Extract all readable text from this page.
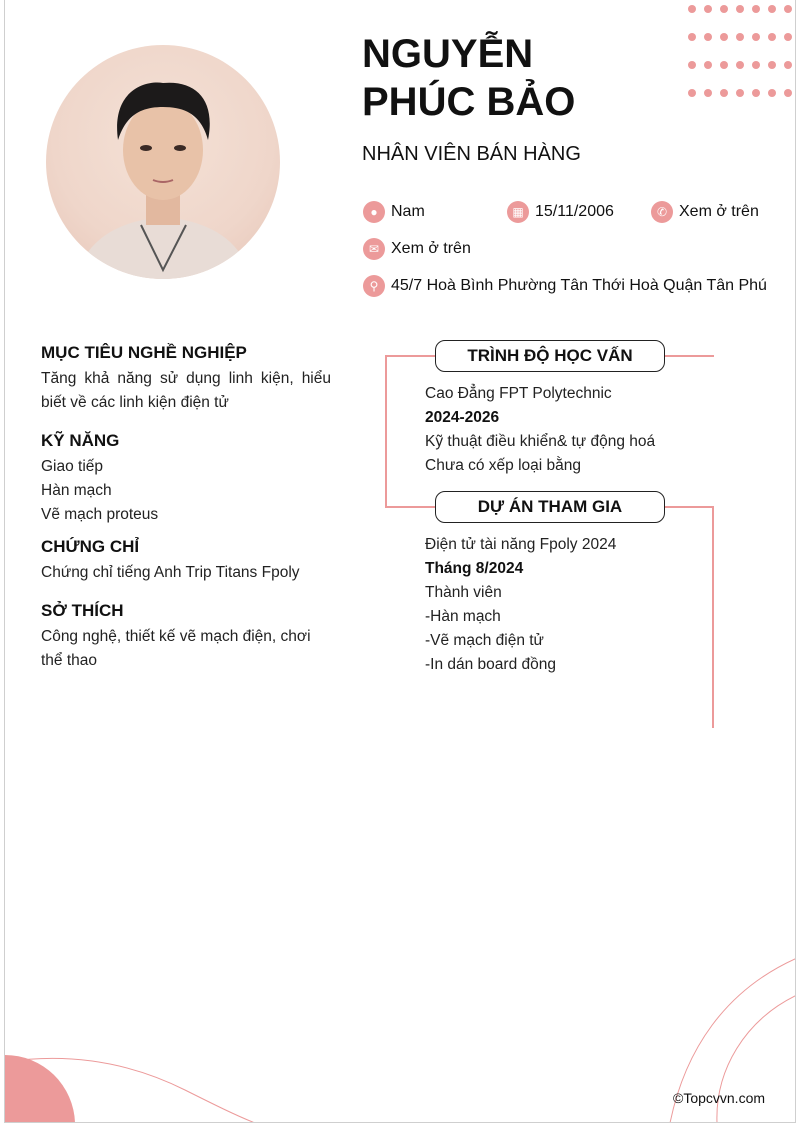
NGUYỄN
PHÚC BẢO
NHÂN VIÊN BÁN HÀNG
● Nam	▦ 15/11/2006	✆ Xem ở trên
✉ Xem ở trên
⚲ 45/7 Hoà Bình Phường Tân Thới Hoà Quận Tân Phú
MỤC TIÊU NGHỀ NGHIỆP
Tăng khả năng sử dụng linh kiện, hiểu biết về các linh kiện điện tử
KỸ NĂNG
Giao tiếp
Hàn mạch
Vẽ mạch proteus
CHỨNG CHỈ
Chứng chỉ tiếng Anh Trip Titans Fpoly
SỞ THÍCH
Công nghệ, thiết kế vẽ mạch điện, chơi thể thao
TRÌNH ĐỘ HỌC VẤN
Cao Đẳng FPT Polytechnic
2024-2026
Kỹ thuật điều khiển& tự động hoá
Chưa có xếp loại bằng
DỰ ÁN THAM GIA
Điện tử tài năng Fpoly 2024
Tháng 8/2024
Thành viên
-Hàn mạch
-Vẽ mạch điện tử
-In dán board đồng
©Topcvvn.com
